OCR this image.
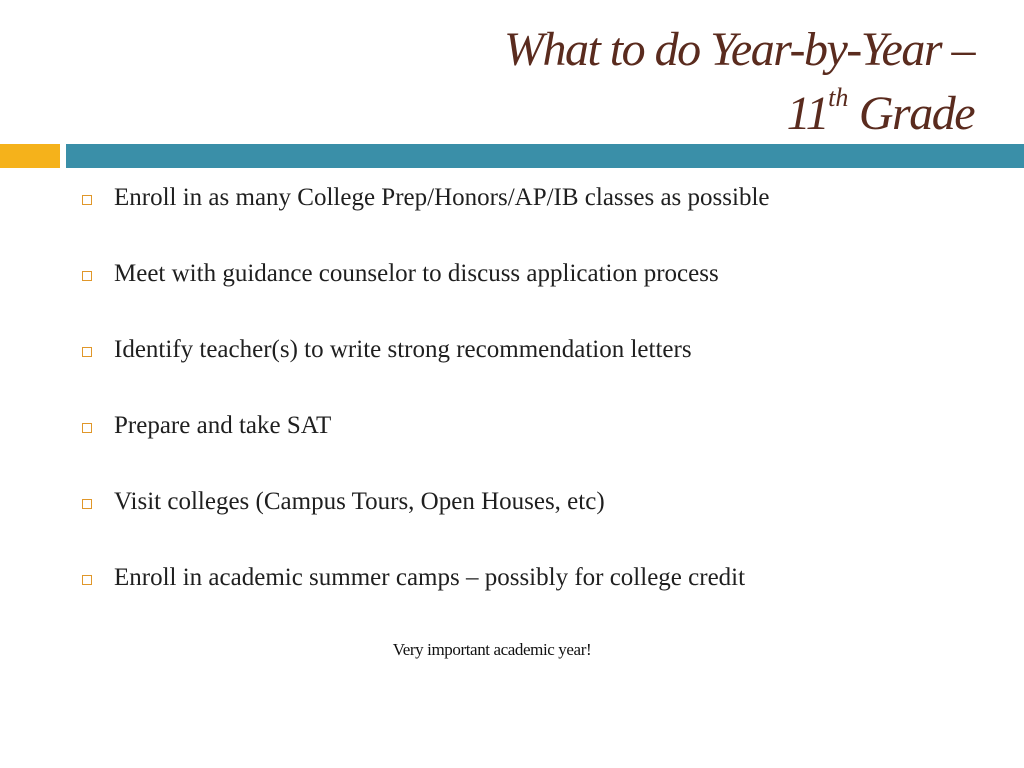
What to do Year-by-Year –
11th Grade
Enroll in as many College Prep/Honors/AP/IB classes as possible
Meet with guidance counselor to discuss application process
Identify teacher(s) to write strong recommendation letters
Prepare and take SAT
Visit colleges (Campus Tours, Open Houses, etc)
Enroll in academic summer camps – possibly for college credit
Very important academic year!
